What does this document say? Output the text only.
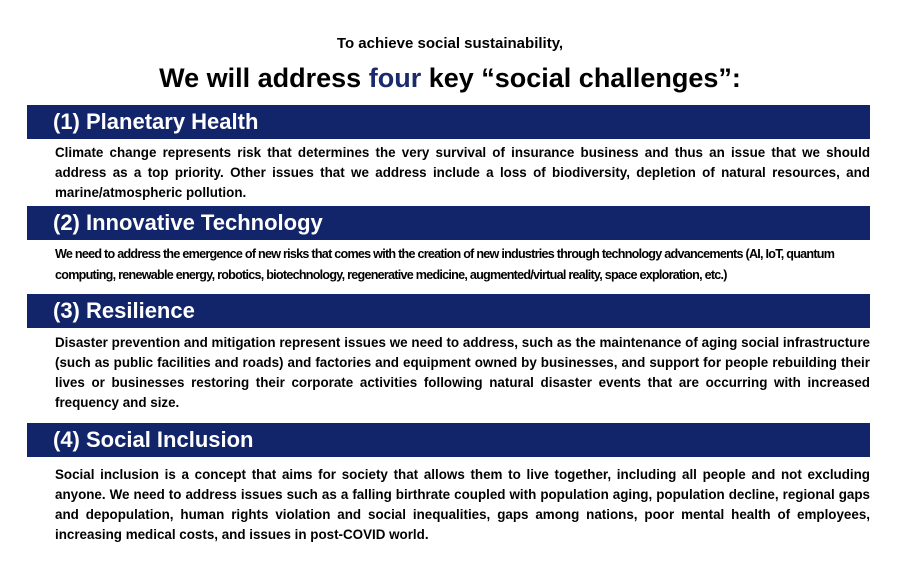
To achieve social sustainability,
We will address four key “social challenges”:
(1) Planetary Health
Climate change represents risk that determines the very survival of insurance business and thus an issue that we should address as a top priority. Other issues that we address include a loss of biodiversity, depletion of natural resources, and marine/atmospheric pollution.
(2) Innovative Technology
We need to address the emergence of new risks that comes with the creation of new industries through technology advancements (AI, IoT, quantum computing, renewable energy, robotics, biotechnology, regenerative medicine, augmented/virtual reality, space exploration, etc.)
(3) Resilience
Disaster prevention and mitigation represent issues we need to address, such as the maintenance of aging social infrastructure (such as public facilities and roads) and factories and equipment owned by businesses, and support for people rebuilding their lives or businesses restoring their corporate activities following natural disaster events that are occurring with increased frequency and size.
(4) Social Inclusion
Social inclusion is a concept that aims for society that allows them to live together, including all people and not excluding anyone. We need to address issues such as a falling birthrate coupled with population aging, population decline, regional gaps and depopulation, human rights violation and social inequalities, gaps among nations, poor mental health of employees, increasing medical costs, and issues in post-COVID world.
